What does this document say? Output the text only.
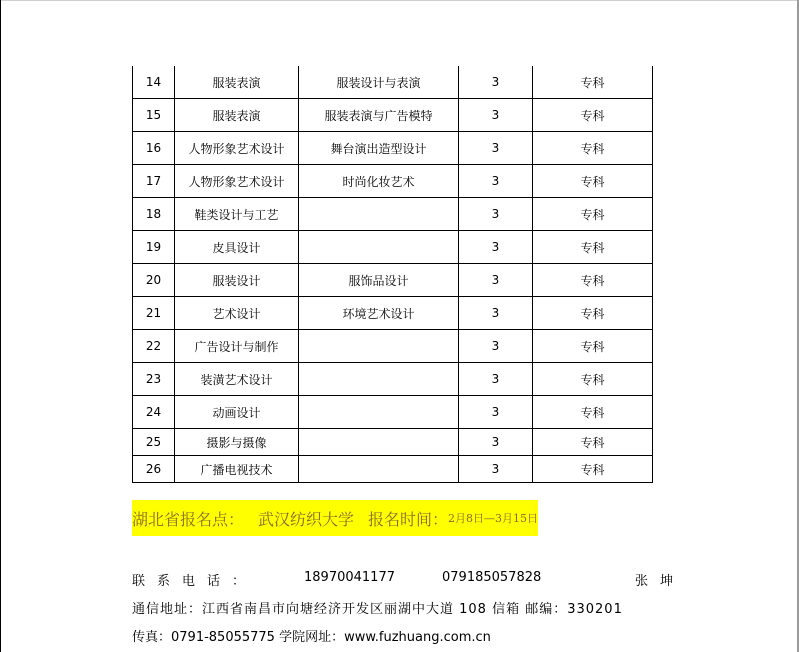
14	服装表演	服装设计与表演	3	专科
15	服装表演	服装表演与广告模特	3	专科
16	人物形象艺术设计	舞台演出造型设计	3	专科
17	人物形象艺术设计	时尚化妆艺术	3	专科
18	鞋类设计与工艺		3	专科
19	皮具设计		3	专科
20	服装设计	服饰品设计	3	专科
21	艺术设计	环境艺术设计	3	专科
22	广告设计与制作		3	专科
23	装潢艺术设计		3	专科
24	动画设计		3	专科
25	摄影与摄像		3	专科
26	广播电视技术		3	专科
湖北省报名点： 武汉纺织大学 报名时间： 2月8日—3月15日
联系电话：	18970041177	079185057828	张坤
通信地址：江西省南昌市向塘经济开发区丽湖中大道 108 信箱 邮编：330201
传真：0791-85055775 学院网址：www.fuzhuang.com.cn
